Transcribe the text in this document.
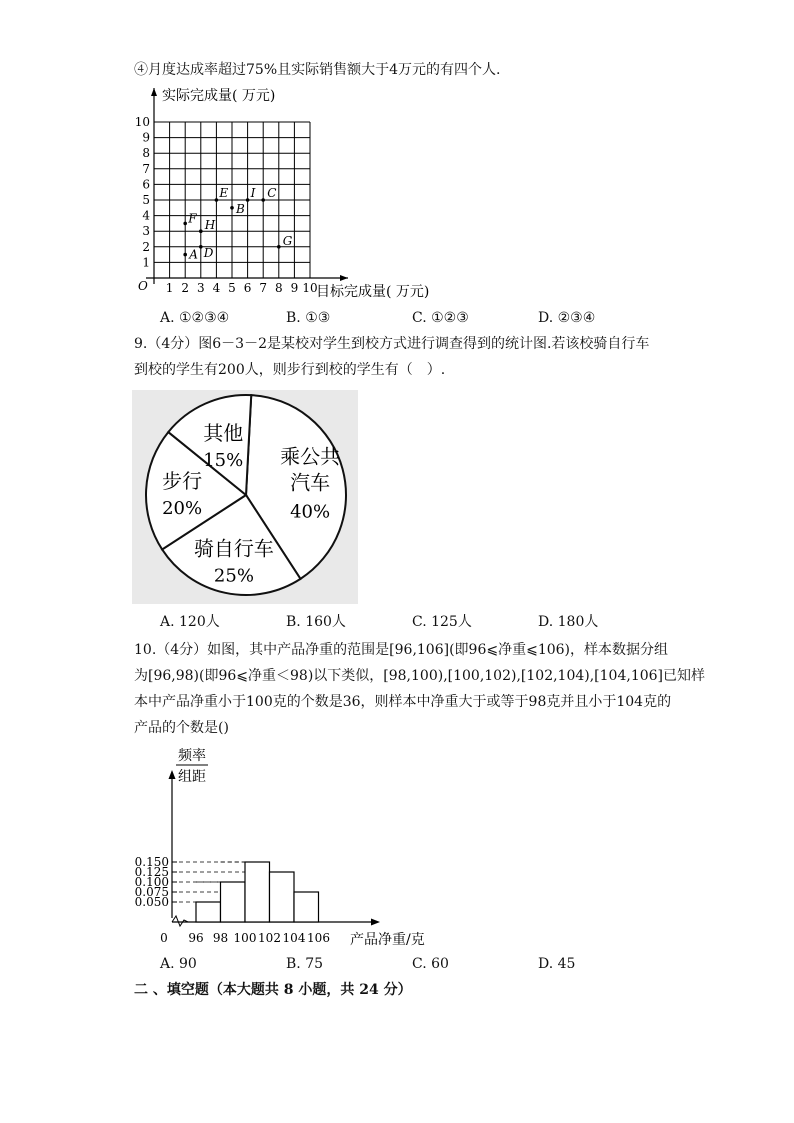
④月度达成率超过75%且实际销售额大于4万元的有四个人.
1 2 3 4 5 6 7 8 9 10
1
2
3
4
5
6
7
8
9
10
O
实际完成量( 万元)
目标完成量( 万元)
A
F H
D
E
B
I C
G
A. ①②③④	B. ①③	C. ①②③	D. ②③④
9.（4分）图6－3－2是某校对学生到校方式进行调查得到的统计图.若该校骑自行车
到校的学生有200人，则步行到校的学生有（　）.
乘公共
汽车
40%
骑自行车
25%
步行
20%
其他
15%
A. 120人	B. 160人	C. 125人	D. 180人
10.（4分）如图，其中产品净重的范围是[96,106](即96⩽净重⩽106)，样本数据分组
为[96,98)(即96⩽净重＜98)以下类似，[98,100),[100,102),[102,104),[104,106]已知样
本中产品净重小于100克的个数是36，则样本中净重大于或等于98克并且小于104克的
产品的个数是()
0.150
0.125
0.100
0.075
0.050
96 98 100 102 104 106
0	产品净重/克
频率
组距
A. 90	B. 75	C. 60	D. 45
二 、填空题（本大题共 8 小题，共 24 分）
